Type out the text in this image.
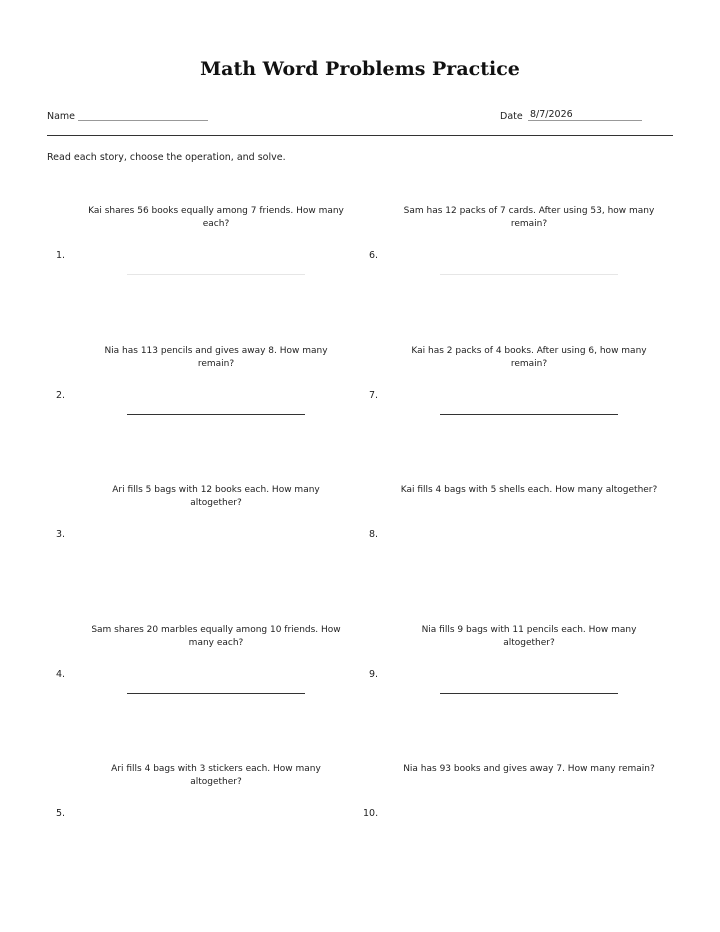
Math Word Problems Practice
Name	Date 8/7/2026
Read each story, choose the operation, and solve.
Kai shares 56 books equally among 7 friends. How many each?
1.
Nia has 113 pencils and gives away 8. How many remain?
2.
Ari fills 5 bags with 12 books each. How many altogether?
3.
Sam shares 20 marbles equally among 10 friends. How many each?
4.
Ari fills 4 bags with 3 stickers each. How many altogether?
5.
Sam has 12 packs of 7 cards. After using 53, how many remain?
6.
Kai has 2 packs of 4 books. After using 6, how many remain?
7.
Kai fills 4 bags with 5 shells each. How many altogether?
8.
Nia fills 9 bags with 11 pencils each. How many altogether?
9.
Nia has 93 books and gives away 7. How many remain?
10.
